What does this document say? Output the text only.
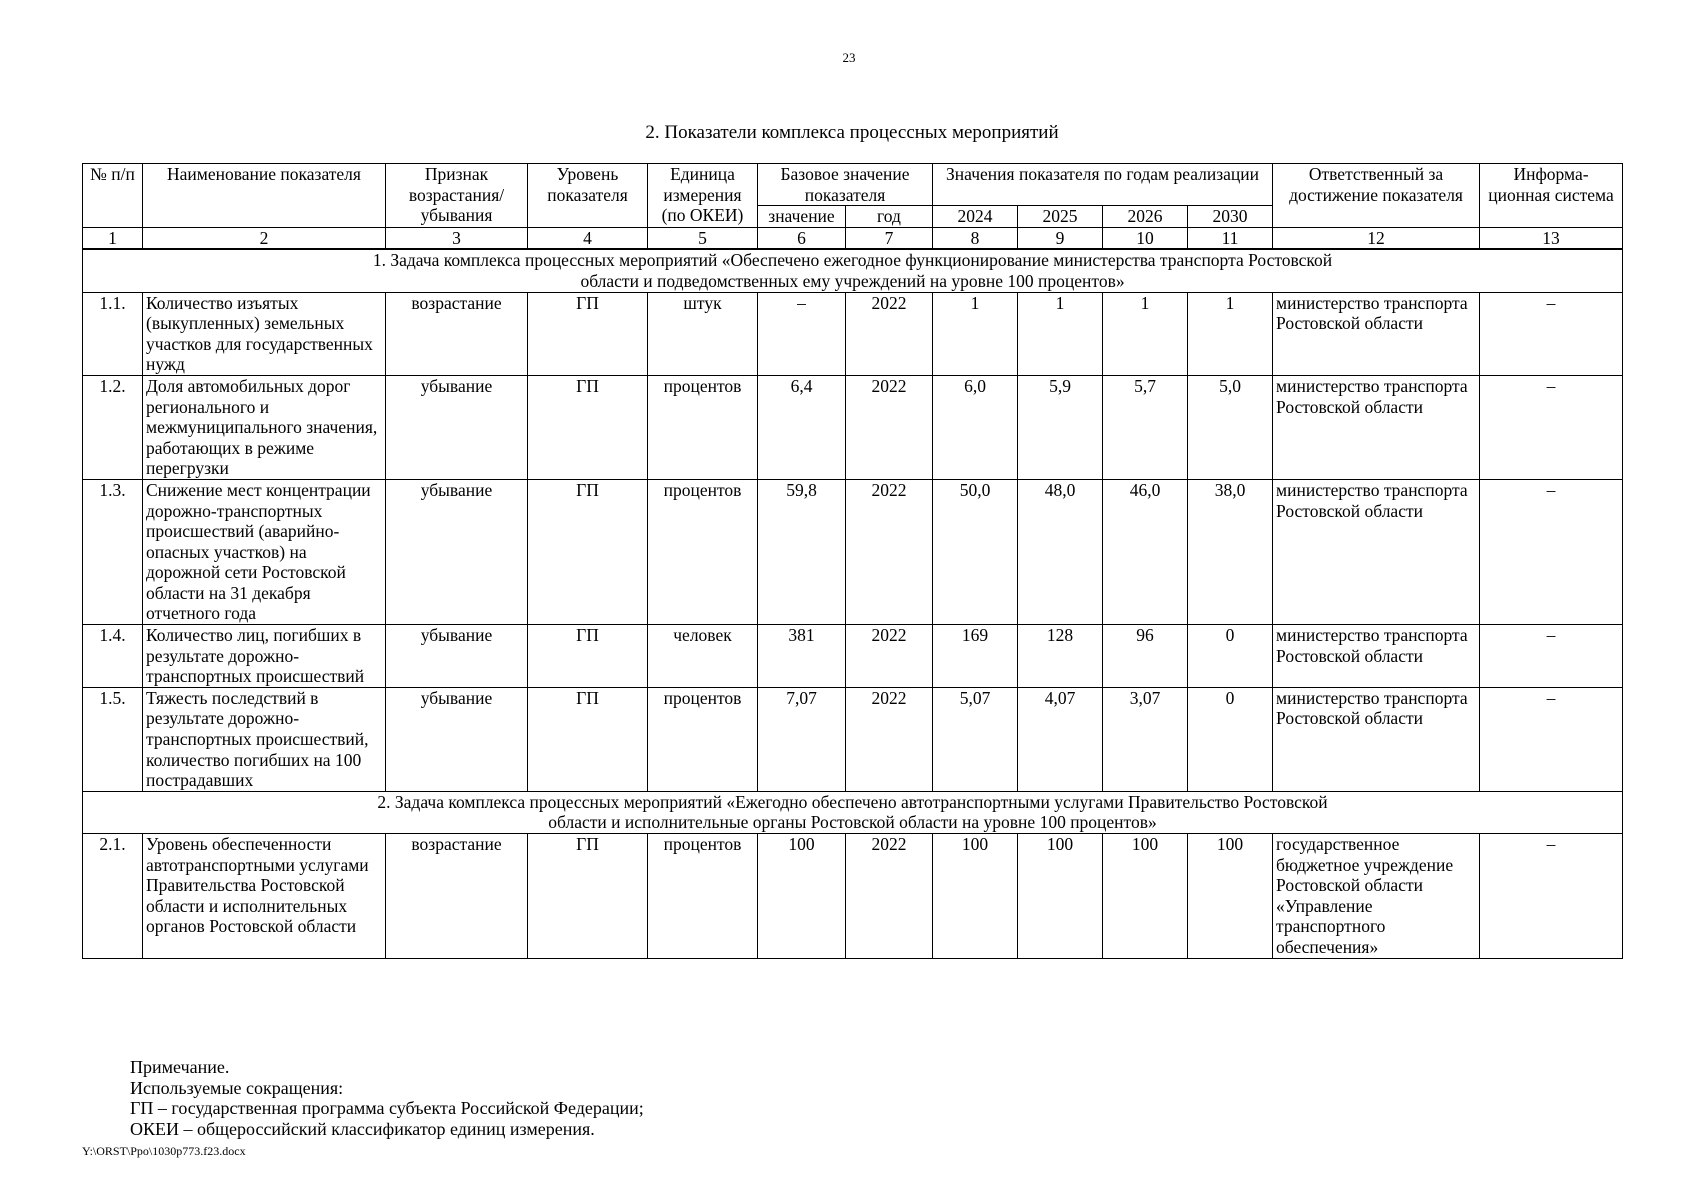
23
2. Показатели комплекса процессных мероприятий
№ п/п	Наименование показателя	Признак возрастания/ убывания	Уровень показателя	Единица измерения (по ОКЕИ)	Базовое значение показателя		Значения показателя по годам реализации				Ответственный за достижение показателя	Информа-ционная система
					значение	год	2024	2025	2026	2030		
1	2	3	4	5	6	7	8	9	10	11	12	13
1. Задача комплекса процессных мероприятий «Обеспечено ежегодное функционирование министерства транспорта Ростовской области и подведомственных ему учреждений на уровне 100 процентов»												
1.1.	Количество изъятых (выкупленных) земельных участков для государственных нужд	возрастание	ГП	штук	–	2022	1	1	1	1	министерство транспорта Ростовской области	–
1.2.	Доля автомобильных дорог регионального и межмуниципального значения, работающих в режиме перегрузки	убывание	ГП	процентов	6,4	2022	6,0	5,9	5,7	5,0	министерство транспорта Ростовской области	–
1.3.	Снижение мест концентрации дорожно-транспортных происшествий (аварийно-опасных участков) на дорожной сети Ростовской области на 31 декабря отчетного года	убывание	ГП	процентов	59,8	2022	50,0	48,0	46,0	38,0	министерство транспорта Ростовской области	–
1.4.	Количество лиц, погибших в результате дорожно-транспортных происшествий	убывание	ГП	человек	381	2022	169	128	96	0	министерство транспорта Ростовской области	–
1.5.	Тяжесть последствий в результате дорожно-транспортных происшествий, количество погибших на 100 пострадавших	убывание	ГП	процентов	7,07	2022	5,07	4,07	3,07	0	министерство транспорта Ростовской области	–
2. Задача комплекса процессных мероприятий «Ежегодно обеспечено автотранспортными услугами Правительство Ростовской области и исполнительные органы Ростовской области на уровне 100 процентов»												
2.1.	Уровень обеспеченности автотранспортными услугами Правительства Ростовской области и исполнительных органов Ростовской области	возрастание	ГП	процентов	100	2022	100	100	100	100	государственное бюджетное учреждение Ростовской области «Управление транспортного обеспечения»	–
Примечание.
Используемые сокращения:
ГП – государственная программа субъекта Российской Федерации;
ОКЕИ – общероссийский классификатор единиц измерения.
Y:\ORST\Ppo\1030p773.f23.docx
